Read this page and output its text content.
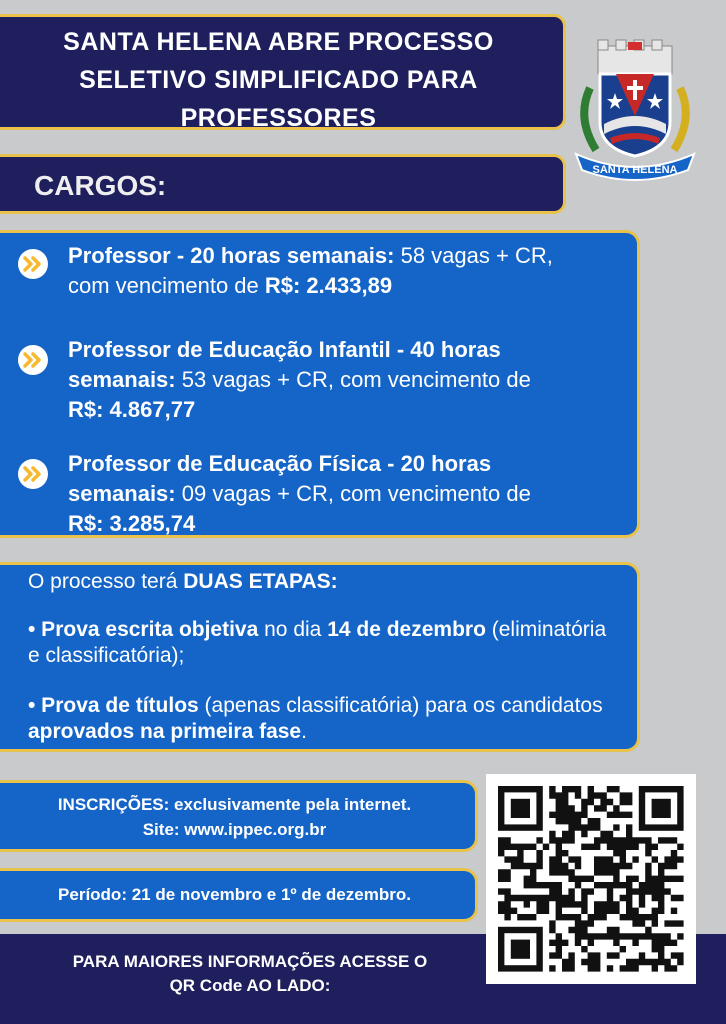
SANTA HELENA ABRE PROCESSO
SELETIVO SIMPLIFICADO PARA
PROFESSORES
SANTA HELENA
CARGOS:
Professor - 20 horas semanais: 58 vagas + CR, com vencimento de R$: 2.433,89
Professor de Educação Infantil - 40 horas semanais: 53 vagas + CR, com vencimento de R$: 4.867,77
Professor de Educação Física - 20 horas semanais: 09 vagas + CR, com vencimento de R$: 3.285,74

O processo terá DUAS ETAPAS:

• Prova escrita objetiva no dia 14 de dezembro (eliminatória e classificatória);

• Prova de títulos (apenas classificatória) para os candidatos aprovados na primeira fase.

INSCRIÇÕES: exclusivamente pela internet.
Site: www.ippec.org.br
Período: 21 de novembro e 1º de dezembro.
PARA MAIORES INFORMAÇÕES ACESSE O
QR Code AO LADO:
